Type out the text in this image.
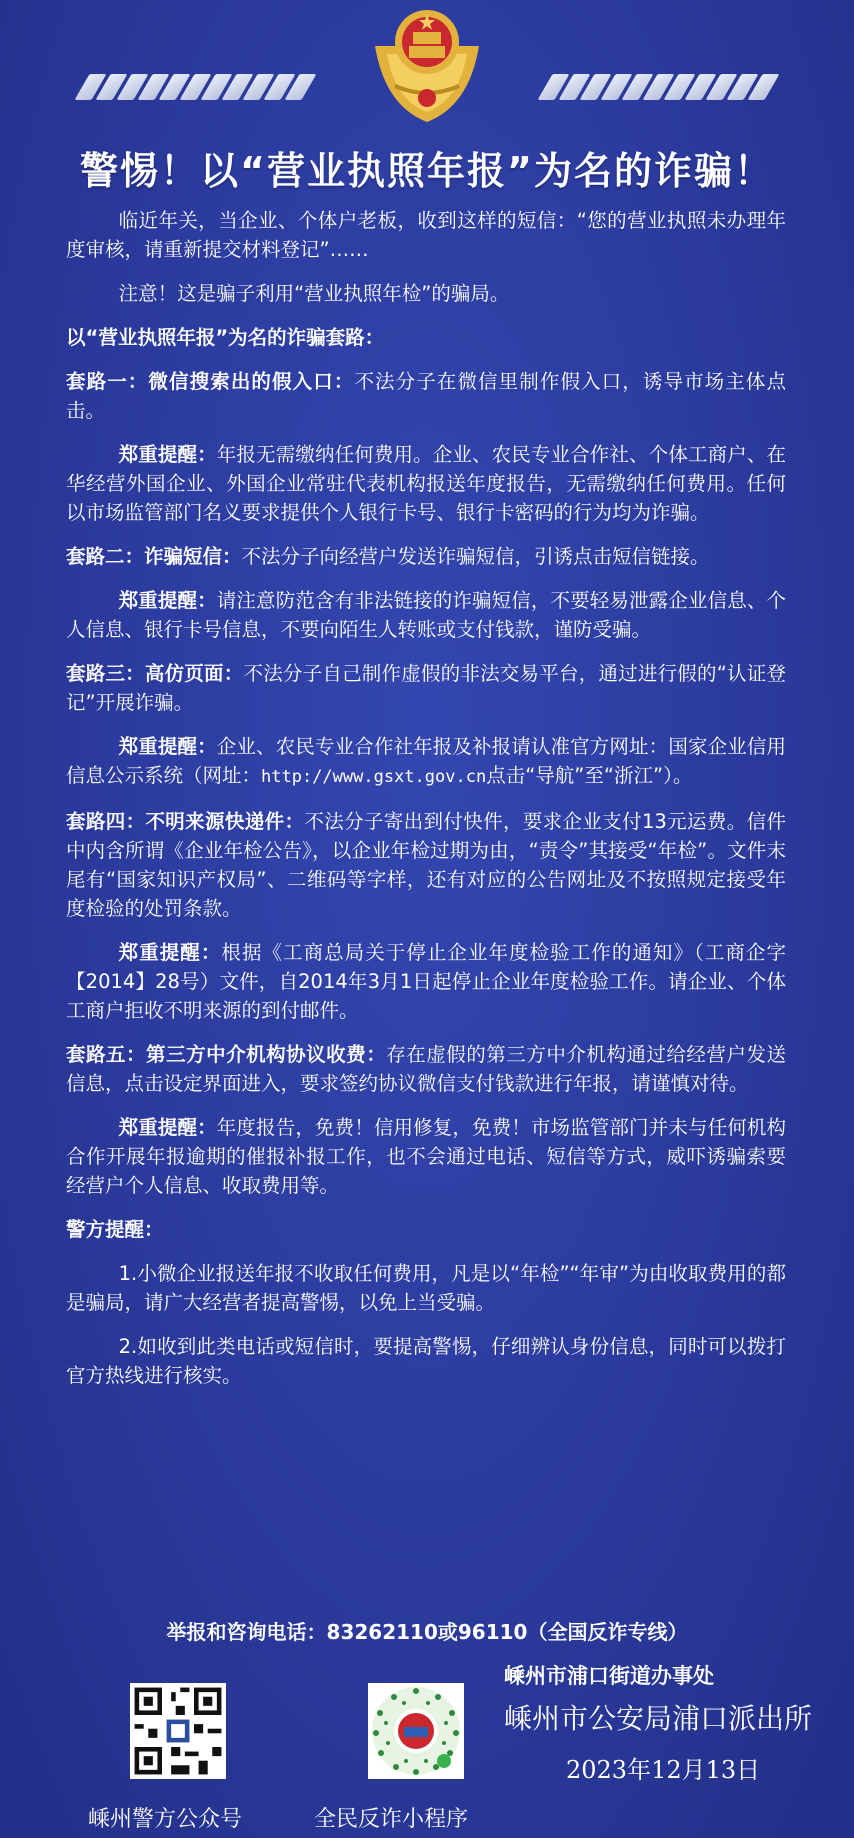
警惕！以“营业执照年报”为名的诈骗！

临近年关，当企业、个体户老板，收到这样的短信：“您的营业执照未办理年度审核，请重新提交材料登记”……

注意！这是骗子利用“营业执照年检”的骗局。

以“营业执照年报”为名的诈骗套路：

套路一：微信搜索出的假入口：不法分子在微信里制作假入口，诱导市场主体点击。

郑重提醒：年报无需缴纳任何费用。企业、农民专业合作社、个体工商户、在华经营外国企业、外国企业常驻代表机构报送年度报告，无需缴纳任何费用。任何以市场监管部门名义要求提供个人银行卡号、银行卡密码的行为均为诈骗。

套路二：诈骗短信：不法分子向经营户发送诈骗短信，引诱点击短信链接。

郑重提醒：请注意防范含有非法链接的诈骗短信，不要轻易泄露企业信息、个人信息、银行卡号信息，不要向陌生人转账或支付钱款，谨防受骗。

套路三：高仿页面：不法分子自己制作虚假的非法交易平台，通过进行假的“认证登记”开展诈骗。

郑重提醒：企业、农民专业合作社年报及补报请认准官方网址：国家企业信用信息公示系统（网址：http://www.gsxt.gov.cn点击“导航”至“浙江”）。

套路四：不明来源快递件：不法分子寄出到付快件，要求企业支付13元运费。信件中内含所谓《企业年检公告》，以企业年检过期为由，“责令”其接受“年检”。文件末尾有“国家知识产权局”、二维码等字样，还有对应的公告网址及不按照规定接受年度检验的处罚条款。

郑重提醒：根据《工商总局关于停止企业年度检验工作的通知》（工商企字【2014】28号）文件，自2014年3月1日起停止企业年度检验工作。请企业、个体工商户拒收不明来源的到付邮件。

套路五：第三方中介机构协议收费：存在虚假的第三方中介机构通过给经营户发送信息，点击设定界面进入，要求签约协议微信支付钱款进行年报，请谨慎对待。

郑重提醒：年度报告，免费！信用修复，免费！市场监管部门并未与任何机构合作开展年报逾期的催报补报工作，也不会通过电话、短信等方式，威吓诱骗索要经营户个人信息、收取费用等。

警方提醒：

1.小微企业报送年报不收取任何费用，凡是以“年检”“年审”为由收取费用的都是骗局，请广大经营者提高警惕，以免上当受骗。

2.如收到此类电话或短信时，要提高警惕，仔细辨认身份信息，同时可以拨打官方热线进行核实。

举报和咨询电话：83262110或96110（全国反诈专线）
嵊州警方公众号	全民反诈小程序
嵊州市浦口街道办事处
嵊州市公安局浦口派出所
2023年12月13日
